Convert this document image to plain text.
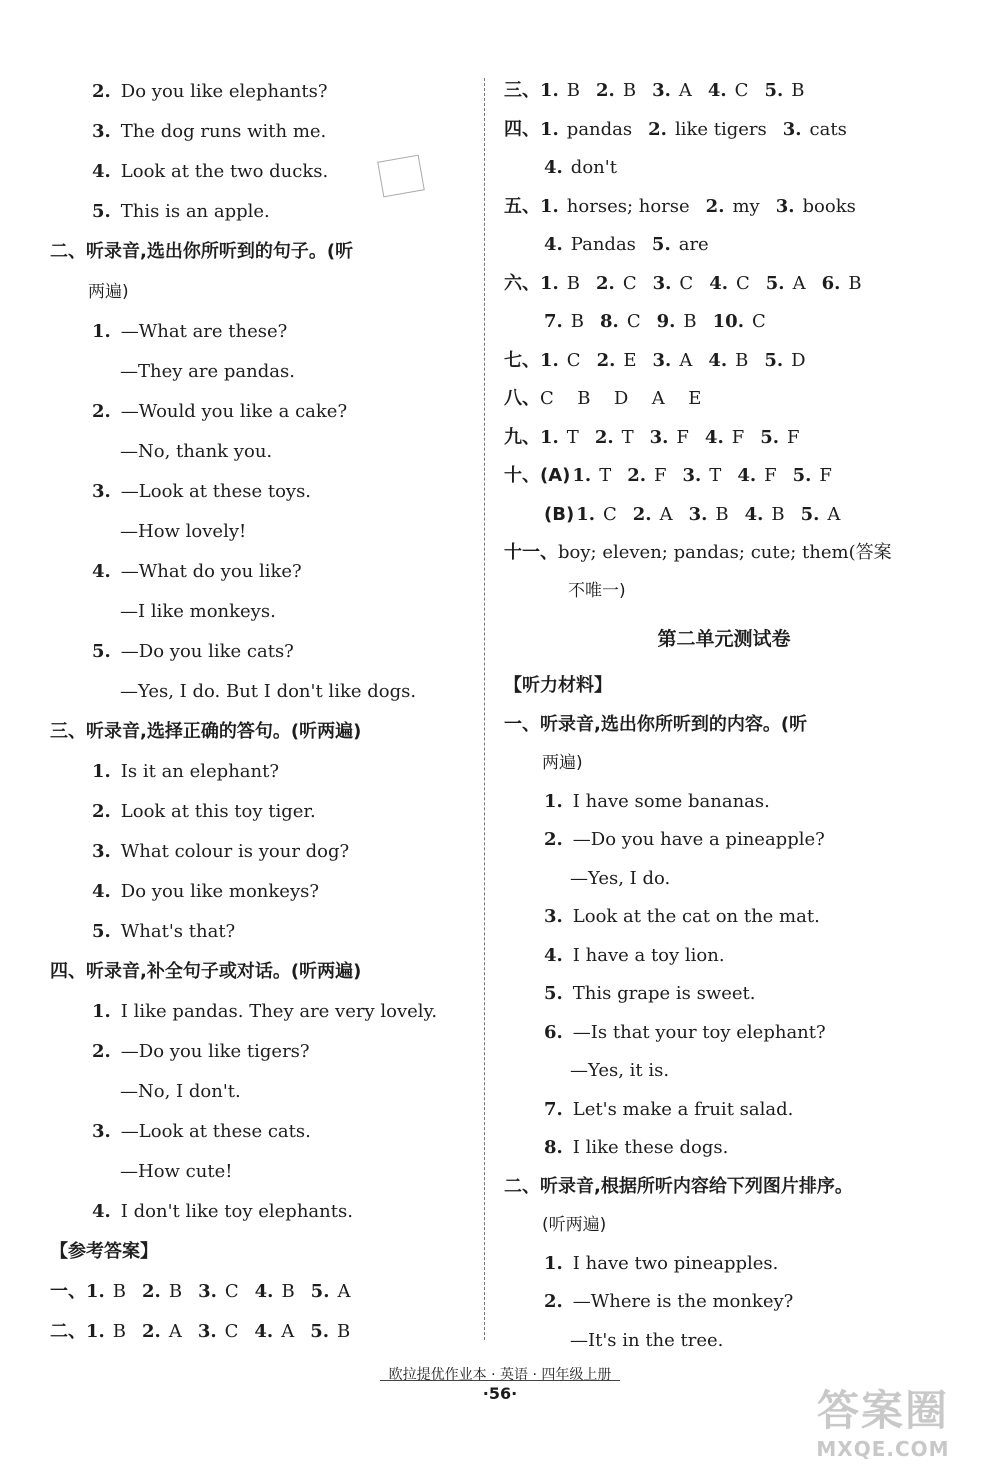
2. Do you like elephants?
3. The dog runs with me.
4. Look at the two ducks.
5. This is an apple.
二、听录音,选出你所听到的句子。(听
两遍)
1. —What are these?
—They are pandas.
2. —Would you like a cake?
—No, thank you.
3. —Look at these toys.
—How lovely!
4. —What do you like?
—I like monkeys.
5. —Do you like cats?
—Yes, I do. But I don't like dogs.
三、听录音,选择正确的答句。(听两遍)
1. Is it an elephant?
2. Look at this toy tiger.
3. What colour is your dog?
4. Do you like monkeys?
5. What's that?
四、听录音,补全句子或对话。(听两遍)
1. I like pandas. They are very lovely.
2. —Do you like tigers?
—No, I don't.
3. —Look at these cats.
—How cute!
4. I don't like toy elephants.
【参考答案】
一、 1. B 2. B 3. C 4. B 5. A
二、 1. B 2. A 3. C 4. A 5. B
三、 1. B 2. B 3. A 4. C 5. B
四、 1. pandas 2. like tigers 3. cats
4. don't
五、 1. horses; horse 2. my 3. books
4. Pandas 5. are
六、 1. B 2. C 3. C 4. C 5. A 6. B
7. B 8. C 9. B 10. C
七、 1. C 2. E 3. A 4. B 5. D
八、 C  B  D  A  E
九、 1. T 2. T 3. F 4. F 5. F
十、 (A) 1. T 2. F 3. T 4. F 5. F
(B) 1. C 2. A 3. B 4. B 5. A
十一、 boy; eleven; pandas; cute; them(答案
不唯一)
第二单元测试卷
【听力材料】
一、听录音,选出你所听到的内容。(听
两遍)
1. I have some bananas.
2. —Do you have a pineapple?
—Yes, I do.
3. Look at the cat on the mat.
4. I have a toy lion.
5. This grape is sweet.
6. —Is that your toy elephant?
—Yes, it is.
7. Let's make a fruit salad.
8. I like these dogs.
二、听录音,根据所听内容给下列图片排序。
(听两遍)
1. I have two pineapples.
2. —Where is the monkey?
—It's in the tree.
欧拉提优作业本 · 英语 · 四年级上册
·56·	答案圈
MXQE.COM
